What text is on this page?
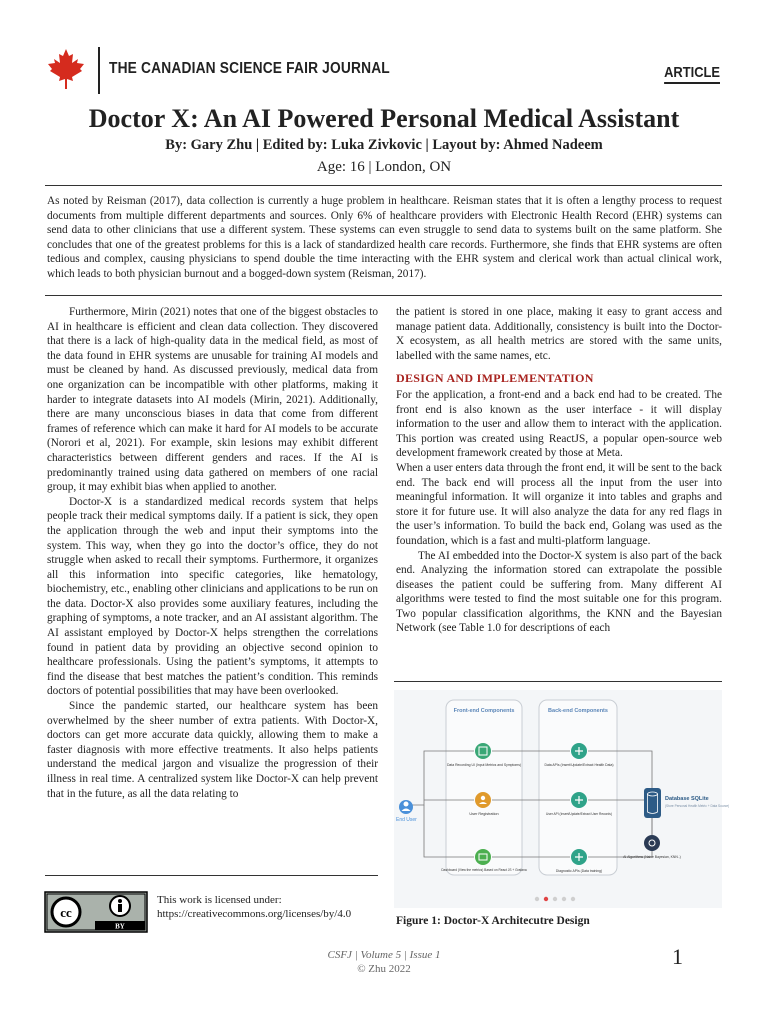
THE CANADIAN SCIENCE FAIR JOURNAL	ARTICLE
Doctor X: An AI Powered Personal Medical Assistant
By: Gary Zhu | Edited by: Luka Zivkovic | Layout by: Ahmed Nadeem
Age: 16 | London, ON
As noted by Reisman (2017), data collection is currently a huge problem in healthcare. Reisman states that it is often a lengthy process to request documents from multiple different departments and sources. Only 6% of healthcare providers with Electronic Health Record (EHR) systems can send data to other clinicians that use a different system. These systems can even struggle to send data to systems built on the same platform. She concludes that one of the greatest problems for this is a lack of standardized health care records. Furthermore, she finds that EHR systems are often tedious and complex, causing physicians to spend double the time interacting with the EHR system and clerical work than actual clinical work, which leads to both physician burnout and a bogged-down system (Reisman, 2017).

Furthermore, Mirin (2021) notes that one of the biggest obstacles to AI in healthcare is efficient and clean data collection. They discovered that there is a lack of high-quality data in the medical field, as most of the data found in EHR systems are unusable for training AI models and must be cleaned by hand. As discussed previously, medical data from one organization can be incompatible with other platforms, making it harder to integrate datasets into AI models (Mirin, 2021). Additionally, there are many unconscious biases in data that come from different frames of reference which can make it hard for AI models to be accurate (Norori et al, 2021). For example, skin lesions may exhibit different characteristics between different genders and races. If the AI is predominantly trained using data gathered on members of one racial group, it may exhibit bias when applied to another.

Doctor-X is a standardized medical records system that helps people track their medical symptoms daily. If a patient is sick, they open the application through the web and input their symptoms into the system. This way, when they go into the doctor’s office, they do not struggle when asked to recall their symptoms. Furthermore, it organizes all this information into specific categories, like hematology, biochemistry, etc., enabling other clinicians and applications to be run on the data. Doctor-X also provides some auxiliary features, including the graphing of symptoms, a note tracker, and an AI assistant algorithm. The AI assistant employed by Doctor-X helps strengthen the correlations found in patient data by providing an objective second opinion to healthcare professionals. Using the patient’s symptoms, it attempts to find the disease that best matches the patient’s condition. This reminds doctors of potential possibilities that may have been overlooked.

Since the pandemic started, our healthcare system has been overwhelmed by the sheer number of extra patients. With Doctor-X, doctors can get more accurate data quickly, allowing them to make a faster diagnosis with more effective treatments. It also helps patients understand the medical jargon and visualize the progression of their illness in real time. A centralized system like Doctor-X can help prevent that in the future, as all the data relating to

the patient is stored in one place, making it easy to grant access and manage patient data. Additionally, consistency is built into the Doctor-X ecosystem, as all health metrics are stored with the same units, labelled with the same names, etc.

DESIGN AND IMPLEMENTATION

For the application, a front-end and a back end had to be created. The front end is also known as the user interface - it will display information to the user and allow them to interact with the application. This portion was created using ReactJS, a popular open-source web development framework created by those at Meta.

When a user enters data through the front end, it will be sent to the back end. The back end will process all the input from the user into meaningful information. It will organize it into tables and graphs and store it for future use. It will also analyze the data for any red flags in the user’s information. To build the back end, Golang was used as the foundation, which is a fast and multi-platform language.

The AI embedded into the Doctor-X system is also part of the back end. Analyzing the information stored can extrapolate the possible diseases the patient could be suffering from. Many different AI algorithms were tested to find the most suitable one for this program. Two popular classification algorithms, the KNN and the Bayesian Network (see Table 1.0 for descriptions of each

Front-end Components	Back-end Components
End User
Data Recording UI (Input Metrics and Symptoms)
User Registration
Dashboard (View the metrics) Based on React JS + Grafana
Data APIs (Insert/Update/Extract Health Data)
User API (Insert/Update/Extract User Records)
Diagnostic APIs (Data training)
Database SQLite
(Store Personal Health Metric + Data Source)
AI Algorithms (Naive Bayesian, KNN..)
Figure 1: Doctor-X Architecutre Design
cc
BY
This work is licensed under:
https://creativecommons.org/licenses/by/4.0
CSFJ | Volume 5 | Issue 1
© Zhu 2022	1
